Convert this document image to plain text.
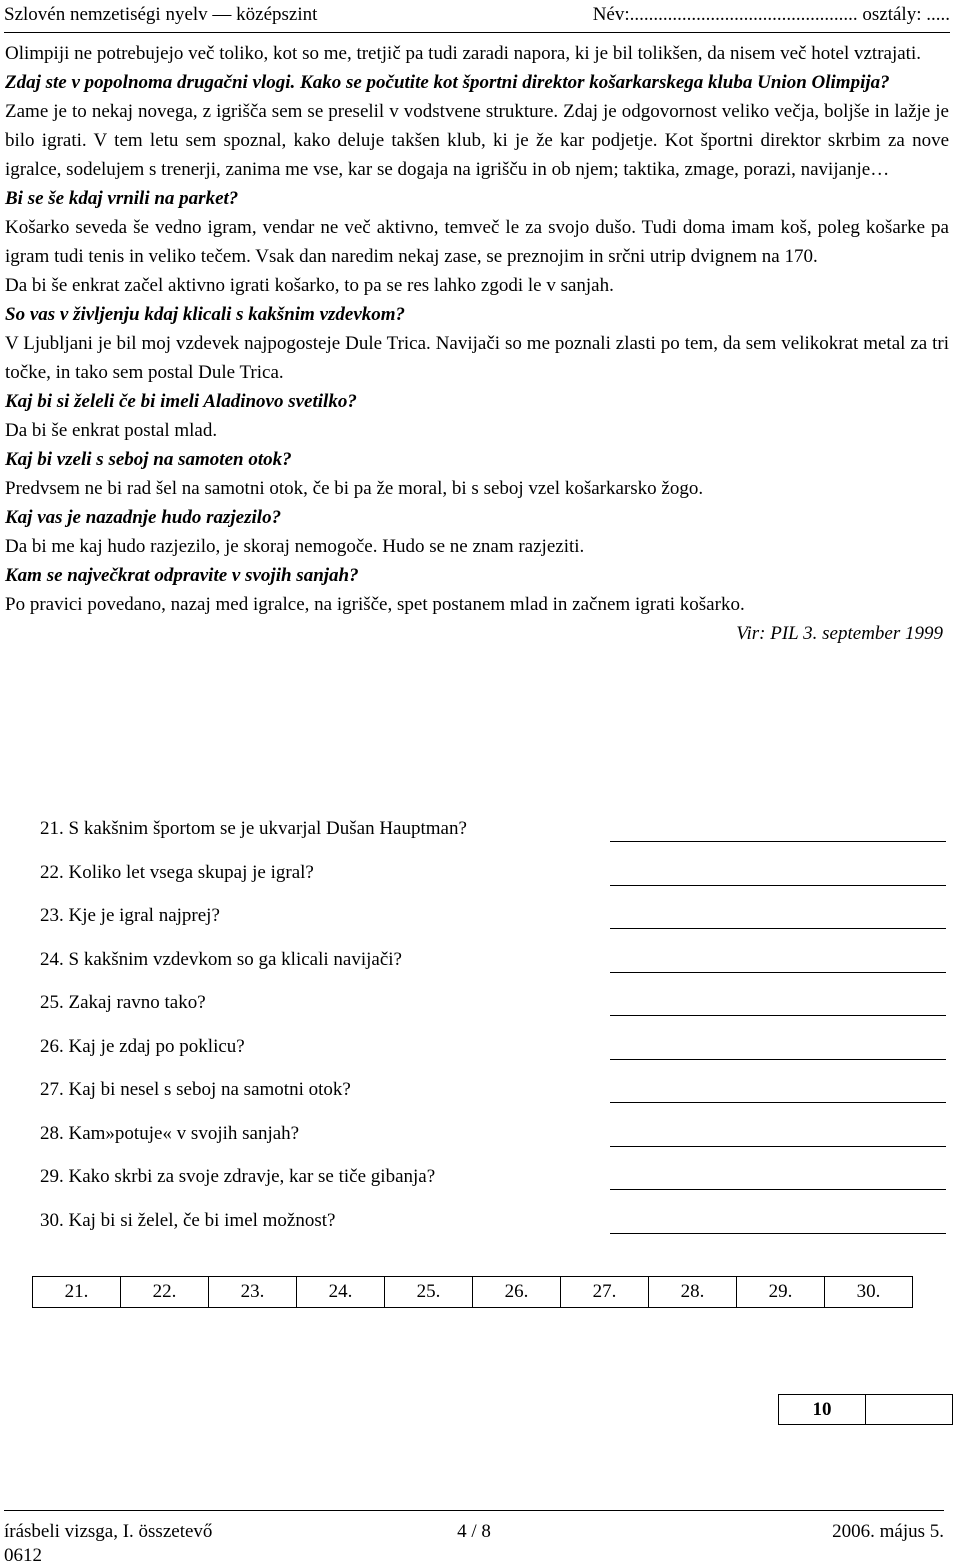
Szlovén nemzetiségi nyelv — középszint	Név:................................................ osztály: .....

Olimpiji ne potrebujejo več toliko, kot so me, tretjič pa tudi zaradi napora, ki je bil tolikšen, da nisem več hotel vztrajati.

Zdaj ste v popolnoma drugačni vlogi. Kako se počutite kot športni direktor košarkarskega kluba Union Olimpija?

Zame je to nekaj novega, z igrišča sem se preselil v vodstvene strukture. Zdaj je odgovornost veliko večja, boljše in lažje je bilo igrati. V tem letu sem spoznal, kako deluje takšen klub, ki je že kar podjetje. Kot športni direktor skrbim za nove igralce, sodelujem s trenerji, zanima me vse, kar se dogaja na igrišču in ob njem; taktika, zmage, porazi, navijanje…

Bi se še kdaj vrnili na parket?

Košarko seveda še vedno igram, vendar ne več aktivno, temveč le za svojo dušo. Tudi doma imam koš, poleg košarke pa igram tudi tenis in veliko tečem. Vsak dan naredim nekaj zase, se preznojim in srčni utrip dvignem na 170.

Da bi še enkrat začel aktivno igrati košarko, to pa se res lahko zgodi le v sanjah.

So vas v življenju kdaj klicali s kakšnim vzdevkom?

V Ljubljani je bil moj vzdevek najpogosteje Dule Trica. Navijači so me poznali zlasti po tem, da sem velikokrat metal za tri točke, in tako sem postal Dule Trica.

Kaj bi si želeli če bi imeli Aladinovo svetilko?

Da bi še enkrat postal mlad.

Kaj bi vzeli s seboj na samoten otok?

Predvsem ne bi rad šel na samotni otok, če bi pa že moral, bi s seboj vzel košarkarsko žogo.

Kaj vas je nazadnje hudo razjezilo?

Da bi me kaj hudo razjezilo, je skoraj nemogoče. Hudo se ne znam razjeziti.

Kam se največkrat odpravite v svojih sanjah?

Po pravici povedano, nazaj med igralce, na igrišče, spet postanem mlad in začnem igrati košarko.

Vir: PIL 3. september 1999

21. S kakšnim športom se je ukvarjal Dušan Hauptman?
22. Koliko let vsega skupaj je igral?
23. Kje je igral najprej?
24. S kakšnim vzdevkom so ga klicali navijači?
25. Zakaj ravno tako?
26. Kaj je zdaj po poklicu?
27. Kaj bi nesel s seboj na samotni otok?
28. Kam»potuje« v svojih sanjah?
29. Kako skrbi za svoje zdravje, kar se tiče gibanja?
30. Kaj bi si želel, če bi imel možnost?
21.	22.	23.	24.	25.	26.	27.	28.	29.	30.
10	
írásbeli vizsga, I. összetevő	4 / 8	2006. május 5.
0612
